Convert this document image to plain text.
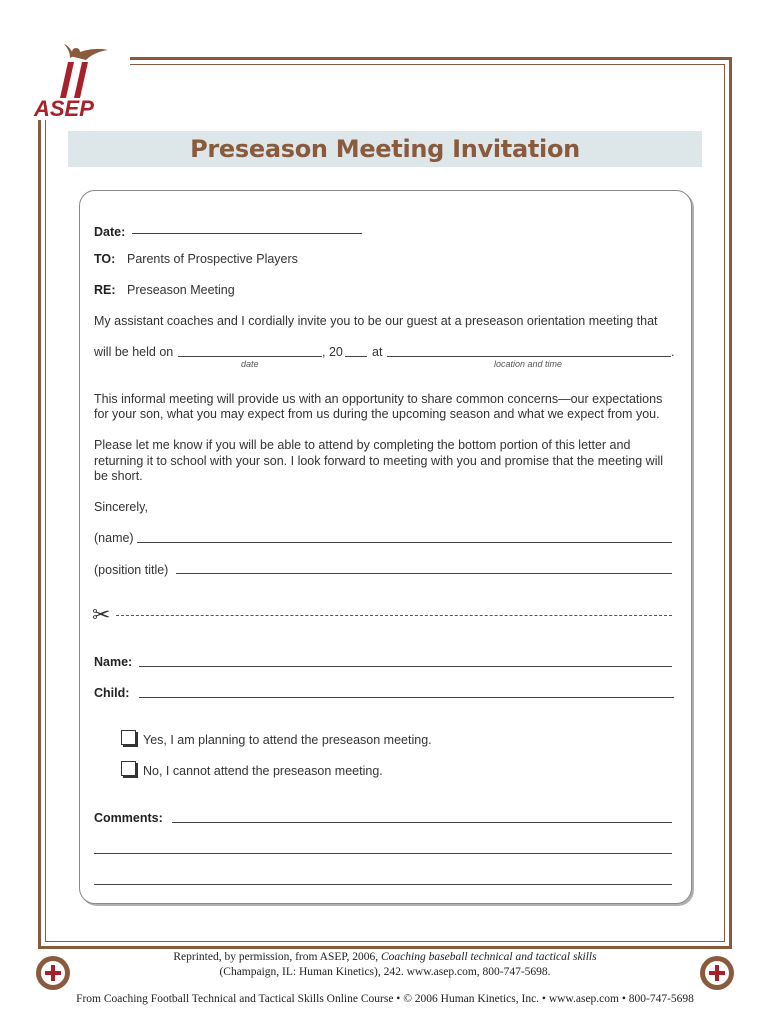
ASEP
Preseason Meeting Invitation
Date:
TO: Parents of Prospective Players
RE: Preseason Meeting
My assistant coaches and I cordially invite you to be our guest at a preseason orientation meeting that
will be held on	, 20 at	.
date	location and time
This informal meeting will provide us with an opportunity to share common concerns—our expectations
for your son, what you may expect from us during the upcoming season and what we expect from you.
Please let me know if you will be able to attend by completing the bottom portion of this letter and
returning it to school with your son. I look forward to meeting with you and promise that the meeting will
be short.
Sincerely,
(name)
(position title)
✂
Name:
Child:
Yes, I am planning to attend the preseason meeting.
No, I cannot attend the preseason meeting.
Comments:
Reprinted, by permission, from ASEP, 2006, Coaching baseball technical and tactical skills
(Champaign, IL: Human Kinetics), 242. www.asep.com, 800-747-5698.
From Coaching Football Technical and Tactical Skills Online Course • © 2006 Human Kinetics, Inc. • www.asep.com • 800-747-5698
